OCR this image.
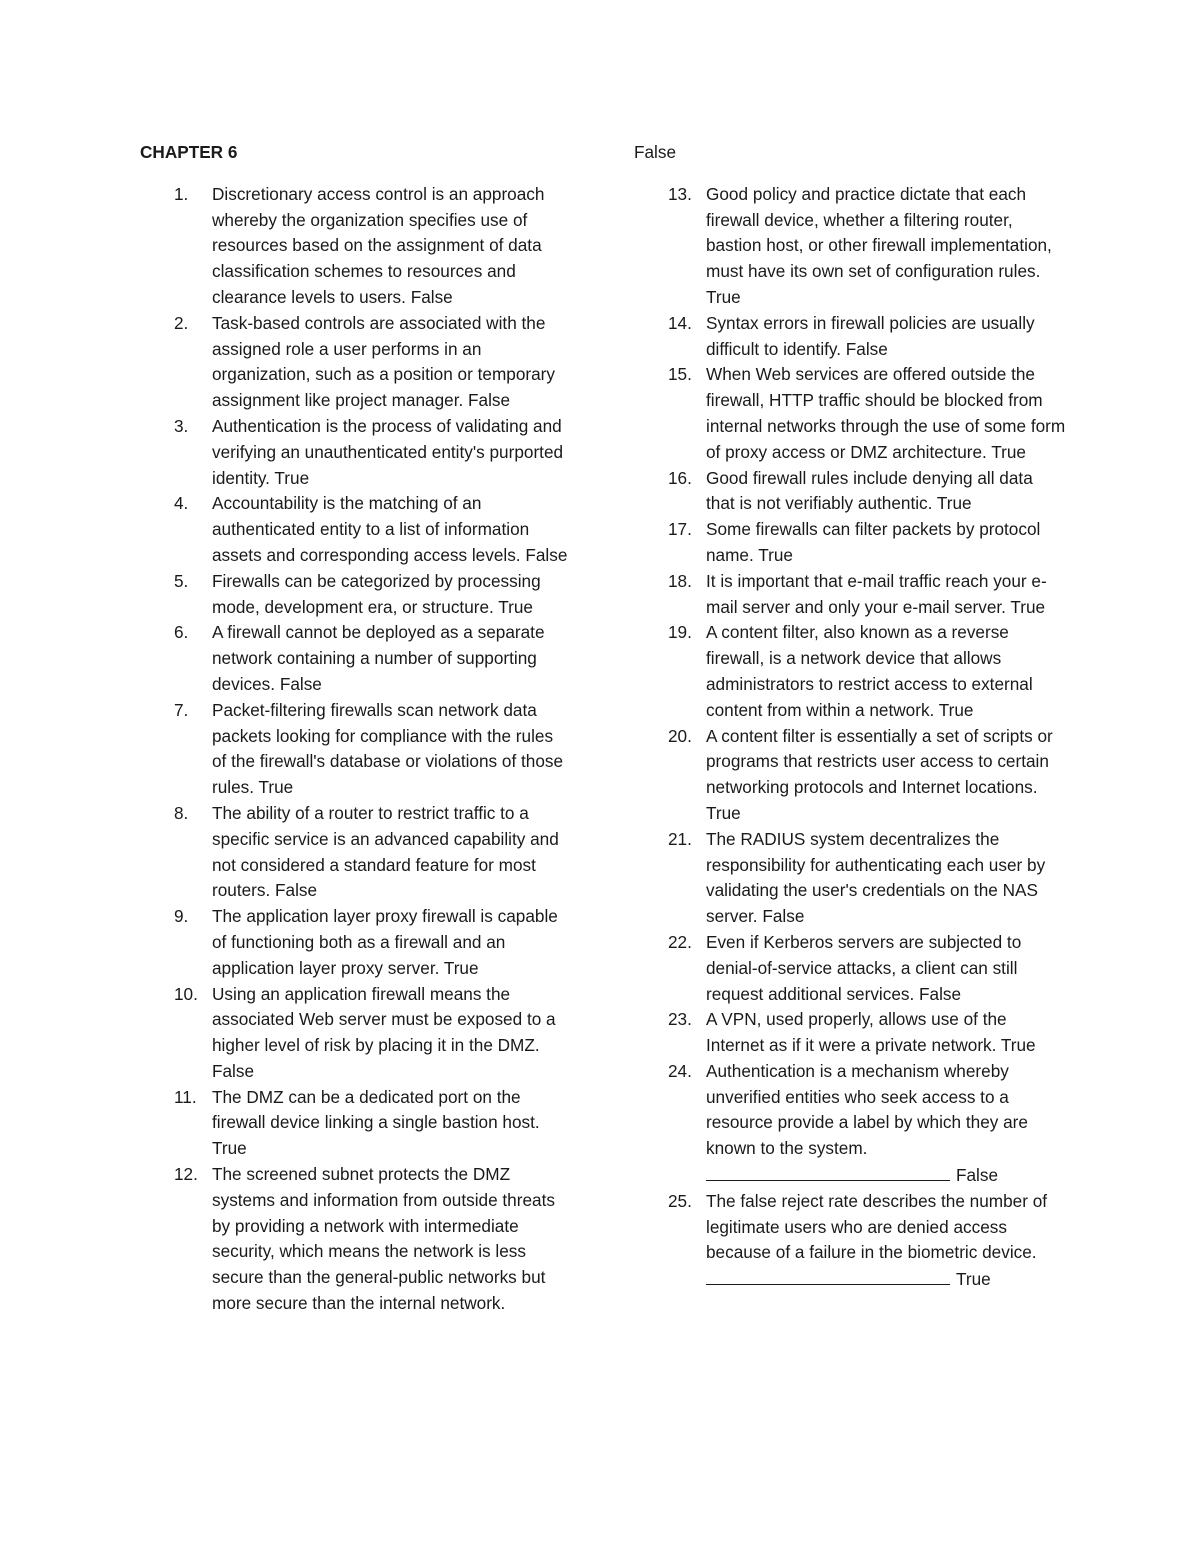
CHAPTER 6
1.	Discretionary access control is an approach whereby the organization specifies use of resources based on the assignment of data classification schemes to resources and clearance levels to users. False
2.	Task-based controls are associated with the assigned role a user performs in an organization, such as a position or temporary assignment like project manager. False
3.	Authentication is the process of validating and verifying an unauthenticated entity's purported identity. True
4.	Accountability is the matching of an authenticated entity to a list of information assets and corresponding access levels. False
5.	Firewalls can be categorized by processing mode, development era, or structure. True
6.	A firewall cannot be deployed as a separate network containing a number of supporting devices. False
7.	Packet-filtering firewalls scan network data packets looking for compliance with the rules of the firewall's database or violations of those rules. True
8.	The ability of a router to restrict traffic to a specific service is an advanced capability and not considered a standard feature for most routers. False
9.	The application layer proxy firewall is capable of functioning both as a firewall and an application layer proxy server. True
10. Using an application firewall means the associated Web server must be exposed to a higher level of risk by placing it in the DMZ. False
11. The DMZ can be a dedicated port on the firewall device linking a single bastion host. True
12. The screened subnet protects the DMZ systems and information from outside threats by providing a network with intermediate security, which means the network is less secure than the general-public networks but more secure than the internal network.
False
13. Good policy and practice dictate that each firewall device, whether a filtering router, bastion host, or other firewall implementation, must have its own set of configuration rules. True
14. Syntax errors in firewall policies are usually difficult to identify. False
15. When Web services are offered outside the firewall, HTTP traffic should be blocked from internal networks through the use of some form of proxy access or DMZ architecture. True
16. Good firewall rules include denying all data that is not verifiably authentic. True
17. Some firewalls can filter packets by protocol name. True
18. It is important that e-mail traffic reach your e-mail server and only your e-mail server. True
19. A content filter, also known as a reverse firewall, is a network device that allows administrators to restrict access to external content from within a network. True
20. A content filter is essentially a set of scripts or programs that restricts user access to certain networking protocols and Internet locations. True
21. The RADIUS system decentralizes the responsibility for authenticating each user by validating the user's credentials on the NAS server. False
22. Even if Kerberos servers are subjected to denial-of-service attacks, a client can still request additional services. False
23. A VPN, used properly, allows use of the Internet as if it were a private network. True
24. Authentication is a mechanism whereby unverified entities who seek access to a resource provide a label by which they are known to the system.
False
25. The false reject rate describes the number of legitimate users who are denied access because of a failure in the biometric device.
True
